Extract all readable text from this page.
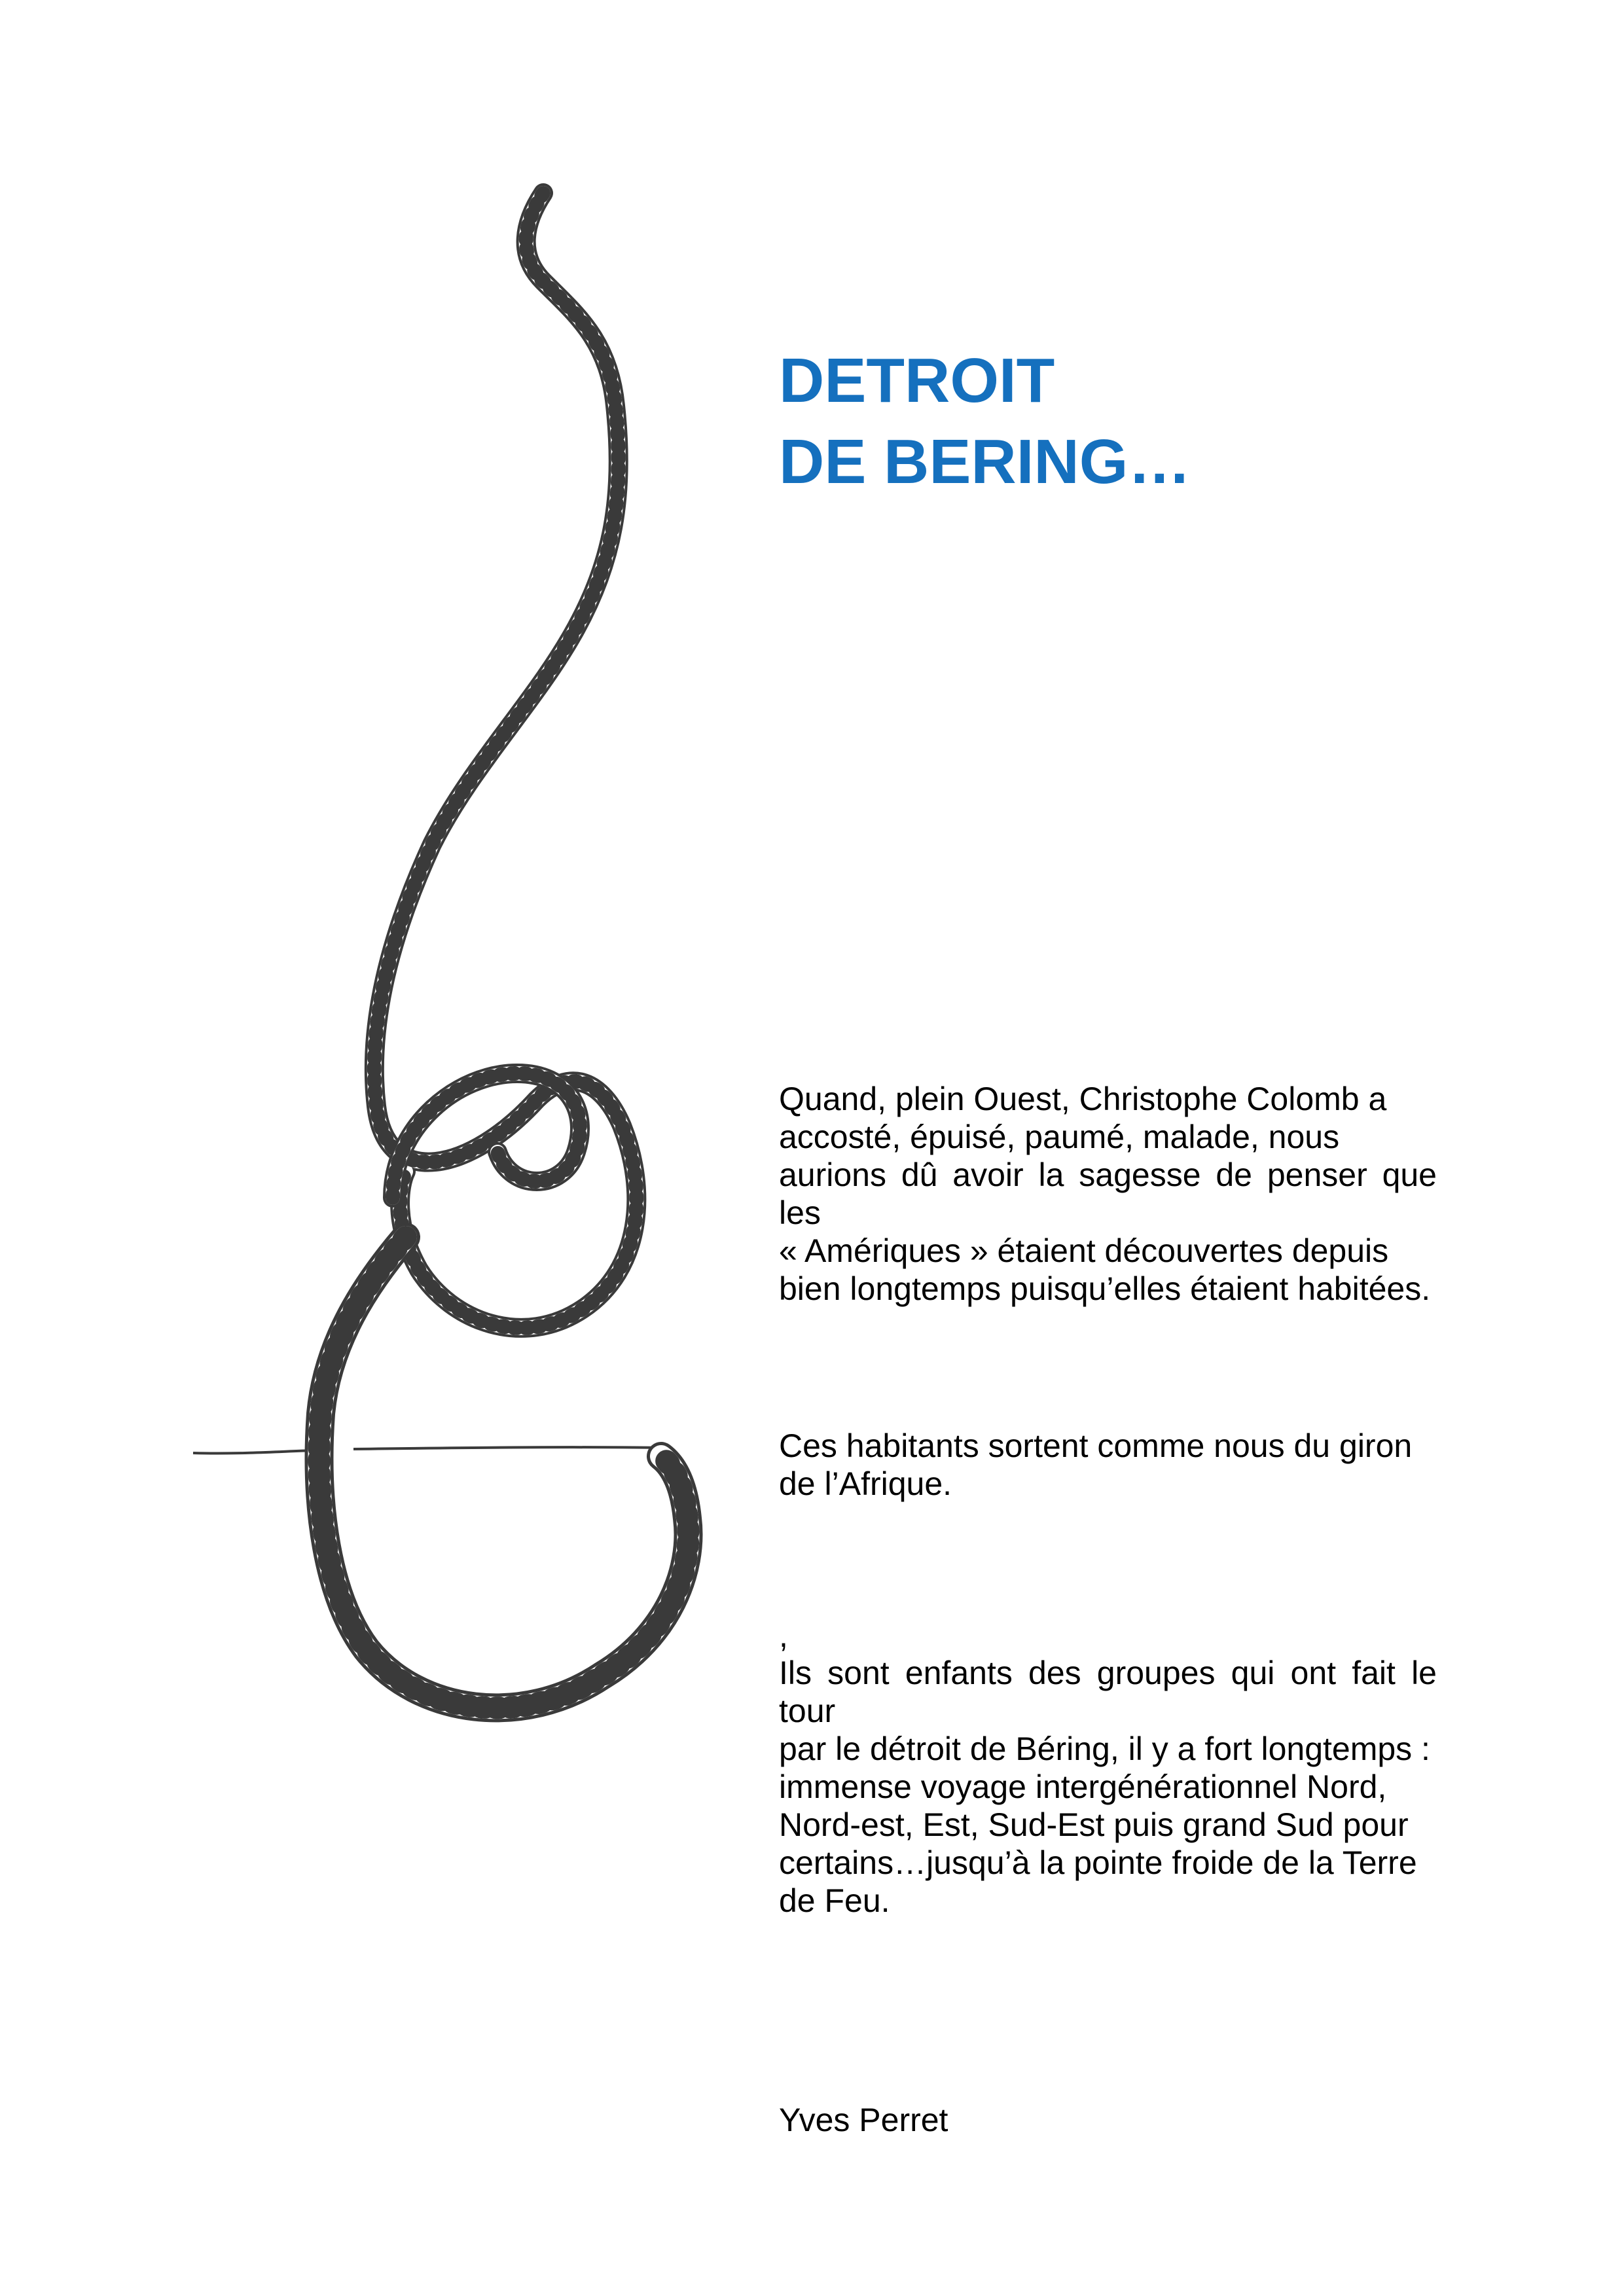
DETROIT
DE BERING…

Quand, plein Ouest, Christophe Colomb a
accosté, épuisé, paumé, malade, nous
aurions dû avoir la sagesse de penser que les
« Amériques » étaient découvertes depuis
bien longtemps puisqu’elles étaient habitées.

Ces habitants sortent comme nous du giron
de l’Afrique.

,

Ils sont enfants des groupes qui ont fait le tour
par le détroit de Béring, il y a fort longtemps :
immense voyage intergénérationnel Nord,
Nord-est, Est, Sud-Est puis grand Sud pour
certains…jusqu’à la pointe froide de la Terre
de Feu.

Yves Perret
